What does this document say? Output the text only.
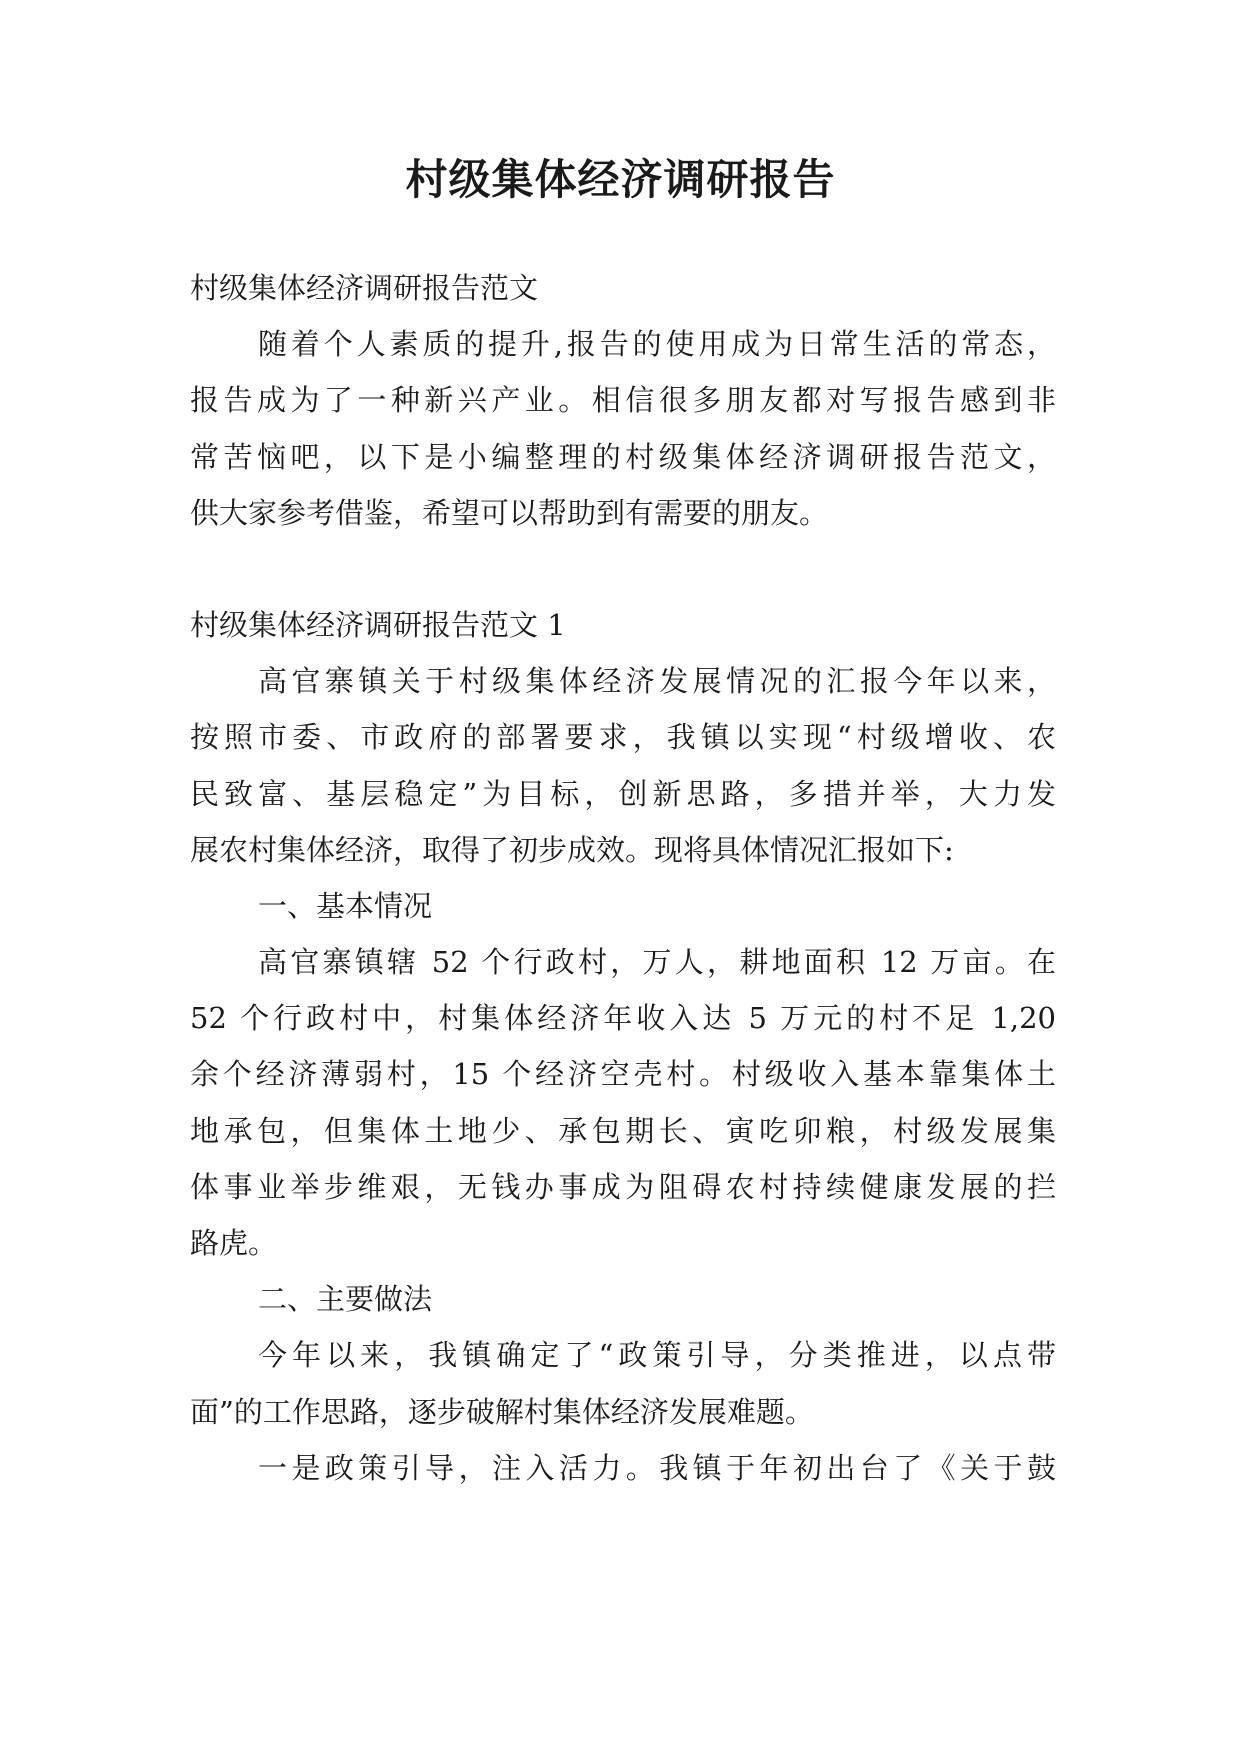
村级集体经济调研报告
村级集体经济调研报告范文
随着个人素质的提升,报告的使用成为日常生活的常态，
报告成为了一种新兴产业。相信很多朋友都对写报告感到非
常苦恼吧，以下是小编整理的村级集体经济调研报告范文，
供大家参考借鉴，希望可以帮助到有需要的朋友。
村级集体经济调研报告范文 1
高官寨镇关于村级集体经济发展情况的汇报今年以来，
按照市委、市政府的部署要求，我镇以实现“村级增收、农
民致富、基层稳定”为目标，创新思路，多措并举，大力发
展农村集体经济，取得了初步成效。现将具体情况汇报如下:
一、基本情况
高官寨镇辖 52 个行政村，万人，耕地面积 12 万亩。在
52 个行政村中，村集体经济年收入达 5 万元的村不足 1,20
余个经济薄弱村，15 个经济空壳村。村级收入基本靠集体土
地承包，但集体土地少、承包期长、寅吃卯粮，村级发展集
体事业举步维艰，无钱办事成为阻碍农村持续健康发展的拦
路虎。
二、主要做法
今年以来，我镇确定了“政策引导，分类推进，以点带
面”的工作思路，逐步破解村集体经济发展难题。
一是政策引导，注入活力。我镇于年初出台了《关于鼓
